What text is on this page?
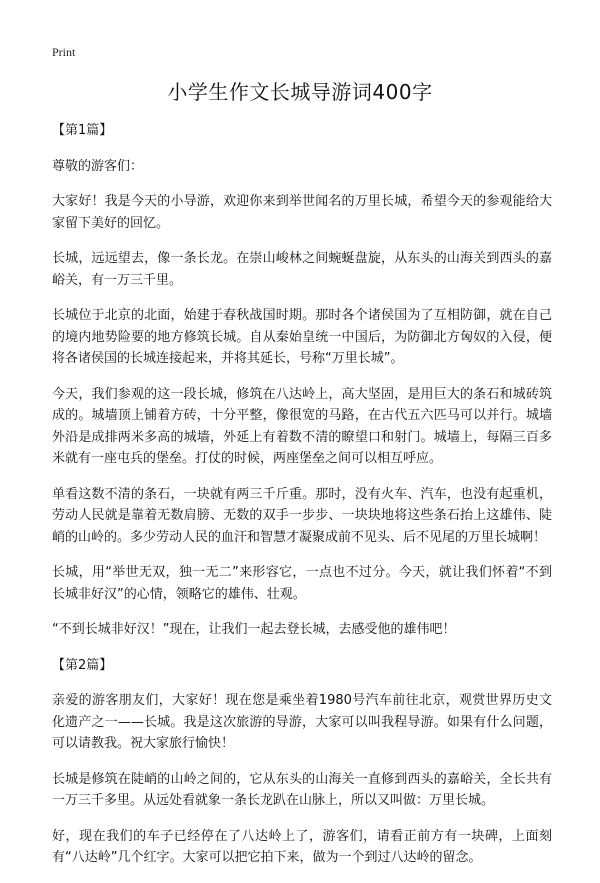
Print
小学生作文长城导游词400字

【第1篇】

尊敬的游客们：

大家好！我是今天的小导游，欢迎你来到举世闻名的万里长城，希望今天的参观能给大家留下美好的回忆。

长城，远远望去，像一条长龙。在崇山峻林之间蜿蜒盘旋，从东头的山海关到西头的嘉峪关，有一万三千里。

长城位于北京的北面，始建于春秋战国时期。那时各个诸侯国为了互相防御，就在自己的境内地势险要的地方修筑长城。自从秦始皇统一中国后，为防御北方匈奴的入侵，便将各诸侯国的长城连接起来，并将其延长，号称“万里长城”。

今天，我们参观的这一段长城，修筑在八达岭上，高大坚固，是用巨大的条石和城砖筑成的。城墙顶上铺着方砖，十分平整，像很宽的马路，在古代五六匹马可以并行。城墙外沿是成排两米多高的城墙，外延上有着数不清的瞭望口和射门。城墙上，每隔三百多米就有一座屯兵的堡垒。打仗的时候，两座堡垒之间可以相互呼应。

单看这数不清的条石，一块就有两三千斤重。那时，没有火车、汽车，也没有起重机，劳动人民就是靠着无数肩膀、无数的双手一步步、一块块地将这些条石抬上这雄伟、陡峭的山岭的。多少劳动人民的血汗和智慧才凝聚成前不见头、后不见尾的万里长城啊！

长城，用“举世无双，独一无二”来形容它，一点也不过分。今天，就让我们怀着“不到长城非好汉”的心情，领略它的雄伟、壮观。

“不到长城非好汉！”现在，让我们一起去登长城，去感受他的雄伟吧！

【第2篇】

亲爱的游客朋友们，大家好！现在您是乘坐着1980号汽车前往北京，观赏世界历史文化遗产之一——长城。我是这次旅游的导游，大家可以叫我程导游。如果有什么问题，可以请教我。祝大家旅行愉快！

长城是修筑在陡峭的山岭之间的，它从东头的山海关一直修到西头的嘉峪关，全长共有一万三千多里。从远处看就象一条长龙趴在山脉上，所以又叫做：万里长城。

好，现在我们的车子已经停在了八达岭上了，游客们，请看正前方有一块碑，上面刻有“八达岭”几个红字。大家可以把它拍下来，做为一个到过八达岭的留念。
